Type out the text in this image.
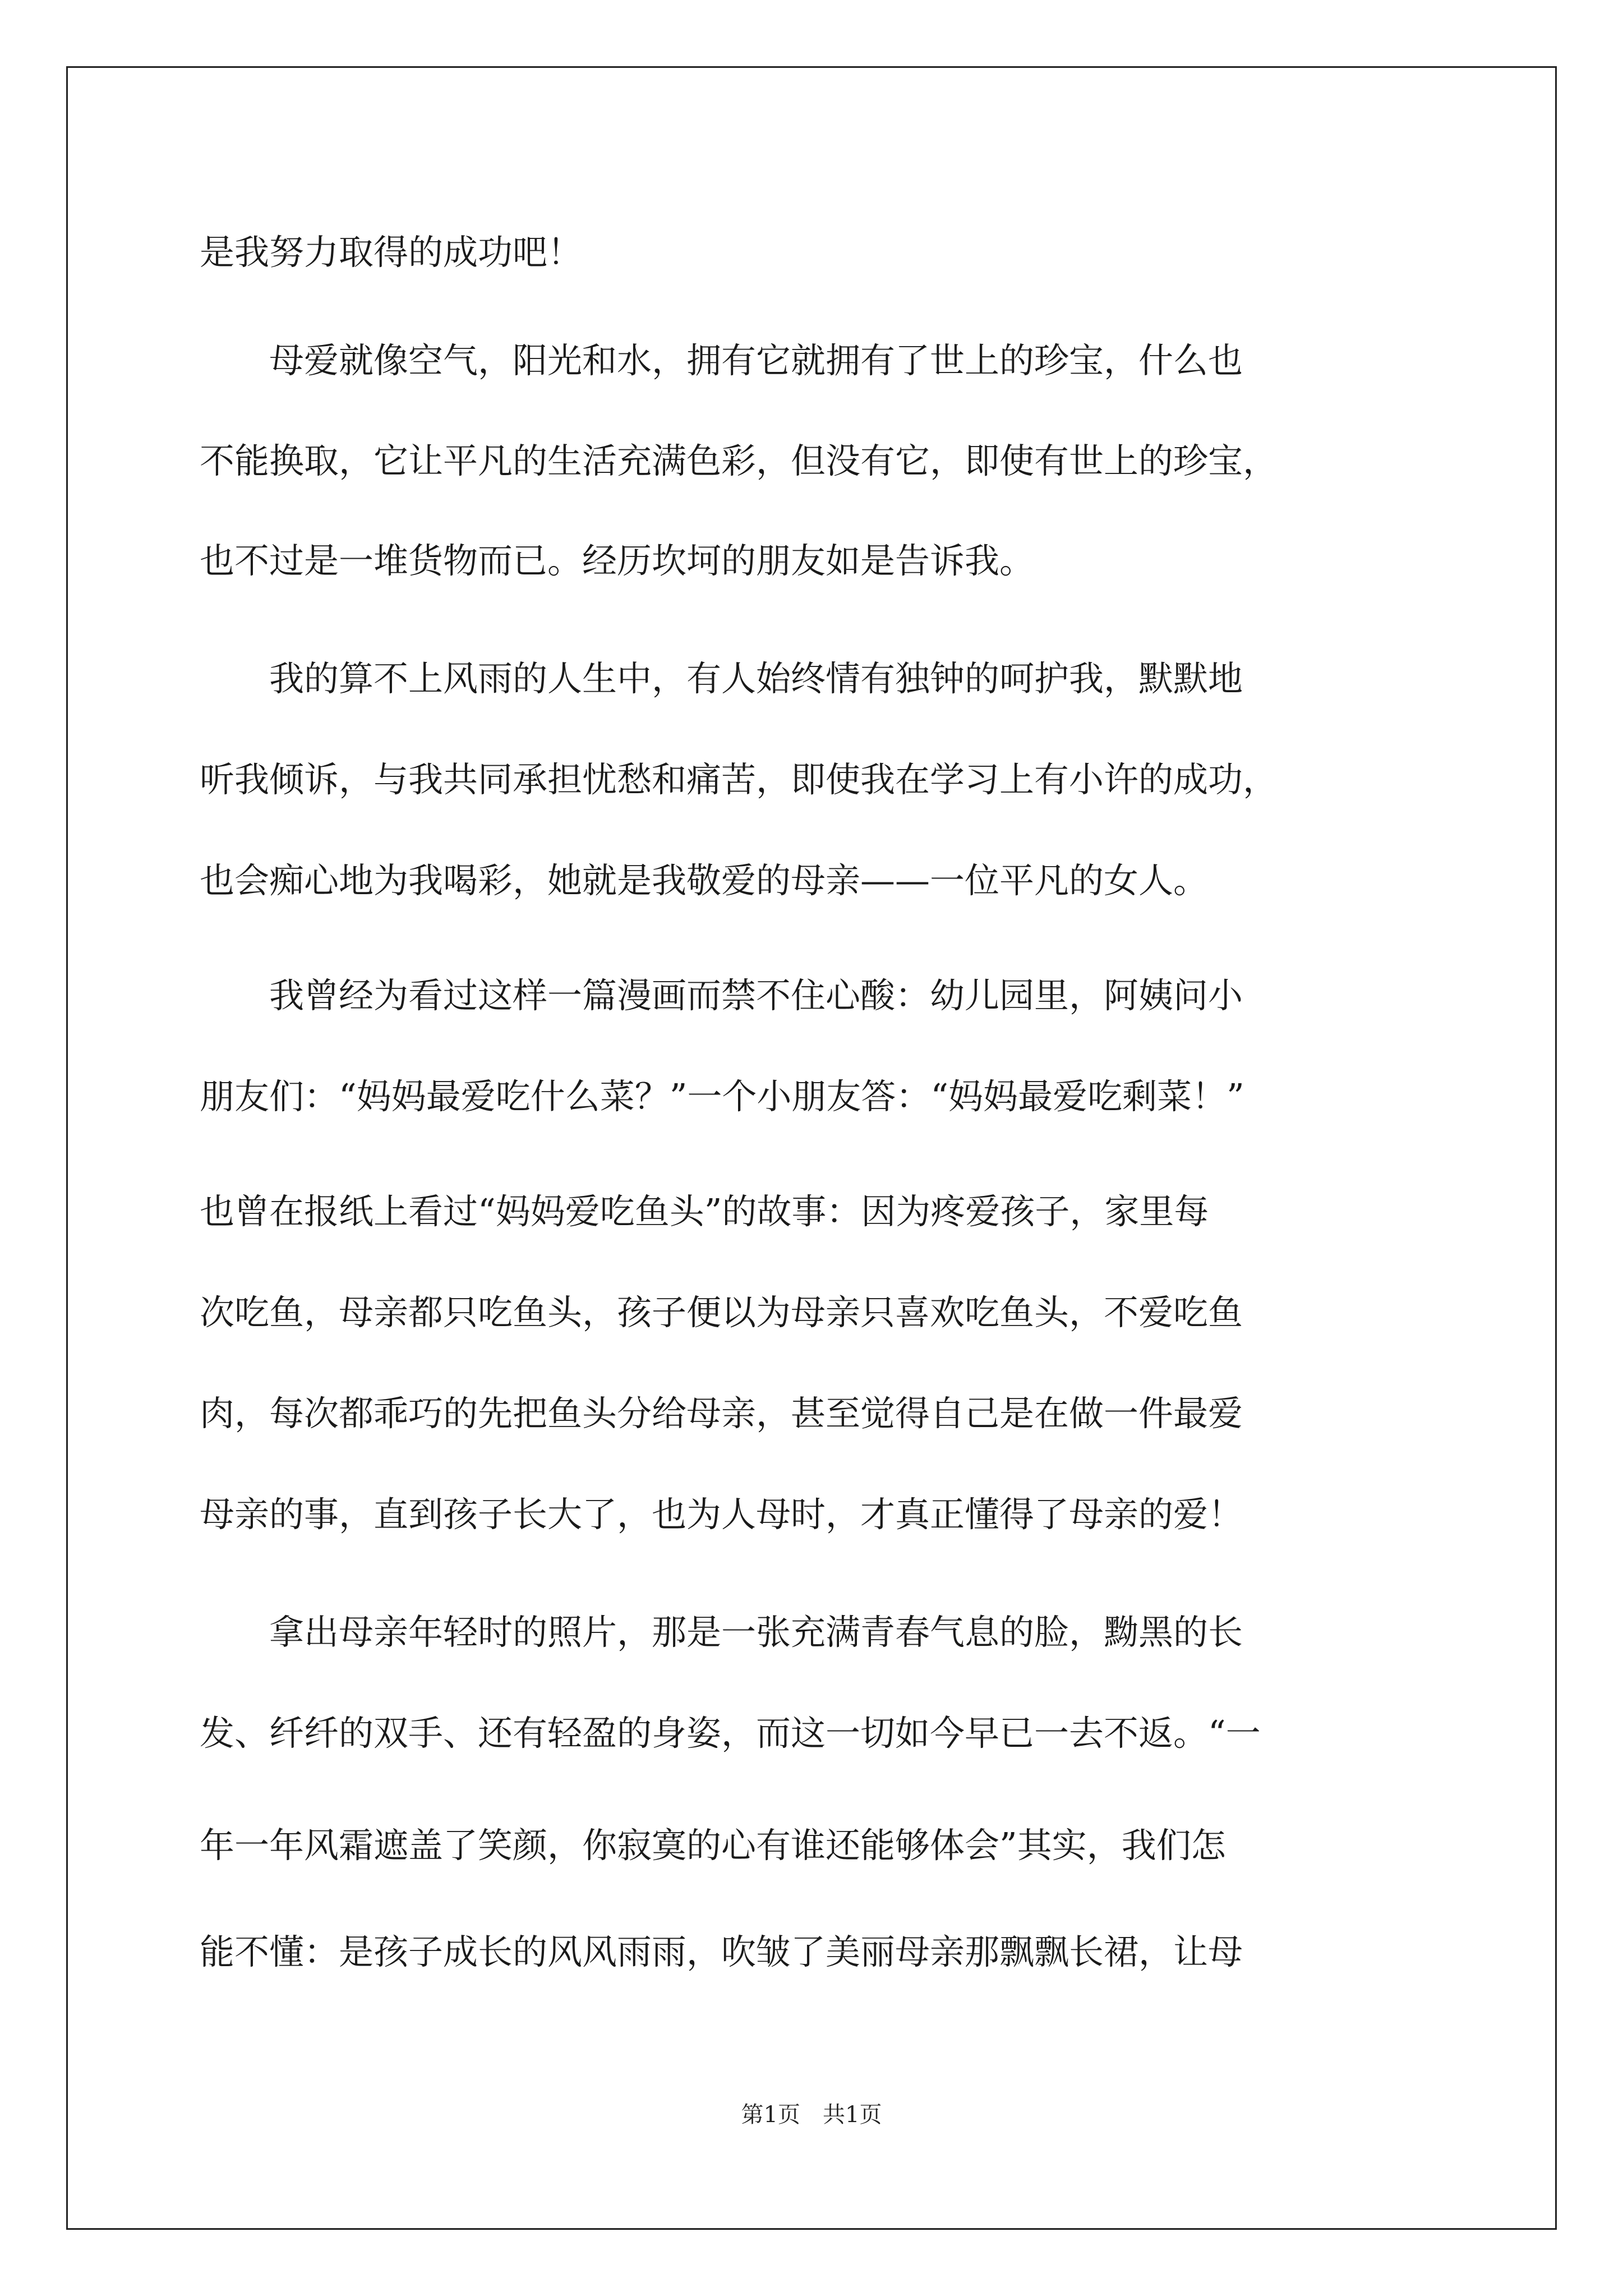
是我努力取得的成功吧！
　　母爱就像空气，阳光和水，拥有它就拥有了世上的珍宝，什么也
不能换取，它让平凡的生活充满色彩，但没有它，即使有世上的珍宝，
也不过是一堆货物而已。经历坎坷的朋友如是告诉我。
　　我的算不上风雨的人生中，有人始终情有独钟的呵护我，默默地
听我倾诉，与我共同承担忧愁和痛苦，即使我在学习上有小许的成功，
也会痴心地为我喝彩，她就是我敬爱的母亲——一位平凡的女人。
　　我曾经为看过这样一篇漫画而禁不住心酸：幼儿园里，阿姨问小
朋友们：“妈妈最爱吃什么菜？”一个小朋友答：“妈妈最爱吃剩菜！”
也曾在报纸上看过“妈妈爱吃鱼头”的故事：因为疼爱孩子，家里每
次吃鱼，母亲都只吃鱼头，孩子便以为母亲只喜欢吃鱼头，不爱吃鱼
肉，每次都乖巧的先把鱼头分给母亲，甚至觉得自己是在做一件最爱
母亲的事，直到孩子长大了，也为人母时，才真正懂得了母亲的爱！
　　拿出母亲年轻时的照片，那是一张充满青春气息的脸，黝黑的长
发、纤纤的双手、还有轻盈的身姿，而这一切如今早已一去不返。“一
年一年风霜遮盖了笑颜，你寂寞的心有谁还能够体会”其实，我们怎
能不懂：是孩子成长的风风雨雨，吹皱了美丽母亲那飘飘长裙，让母
第1页　共1页
